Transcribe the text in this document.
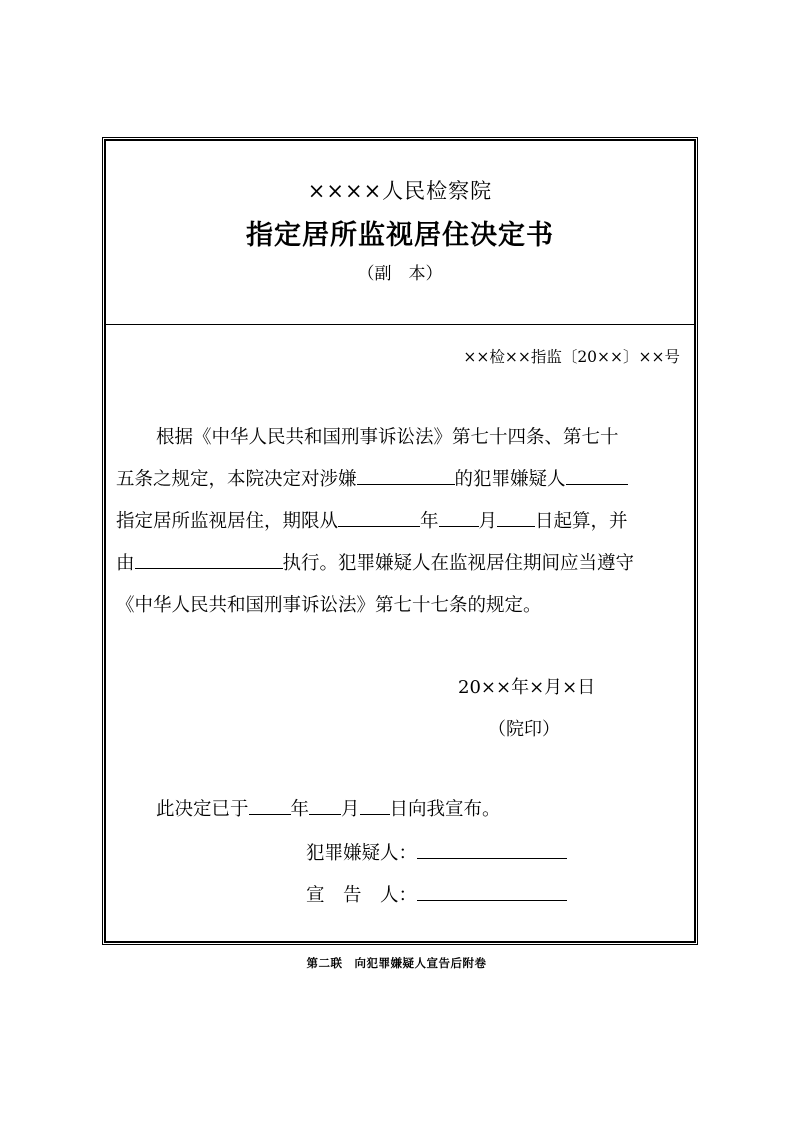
××××人民检察院
指定居所监视居住决定书
（副　本）
××检××指监〔20××〕××号
根据《中华人民共和国刑事诉讼法》第七十四条、第七十
五条之规定，本院决定对涉嫌	的犯罪嫌疑人
指定居所监视居住，期限从	年 月 日起算，并
由	执行。犯罪嫌疑人在监视居住期间应当遵守
《中华人民共和国刑事诉讼法》第七十七条的规定。
20××年×月×日
（院印）
此决定已于 年 月 日向我宣布。
犯罪嫌疑人：
宣　告　人：
第二联　向犯罪嫌疑人宣告后附卷
